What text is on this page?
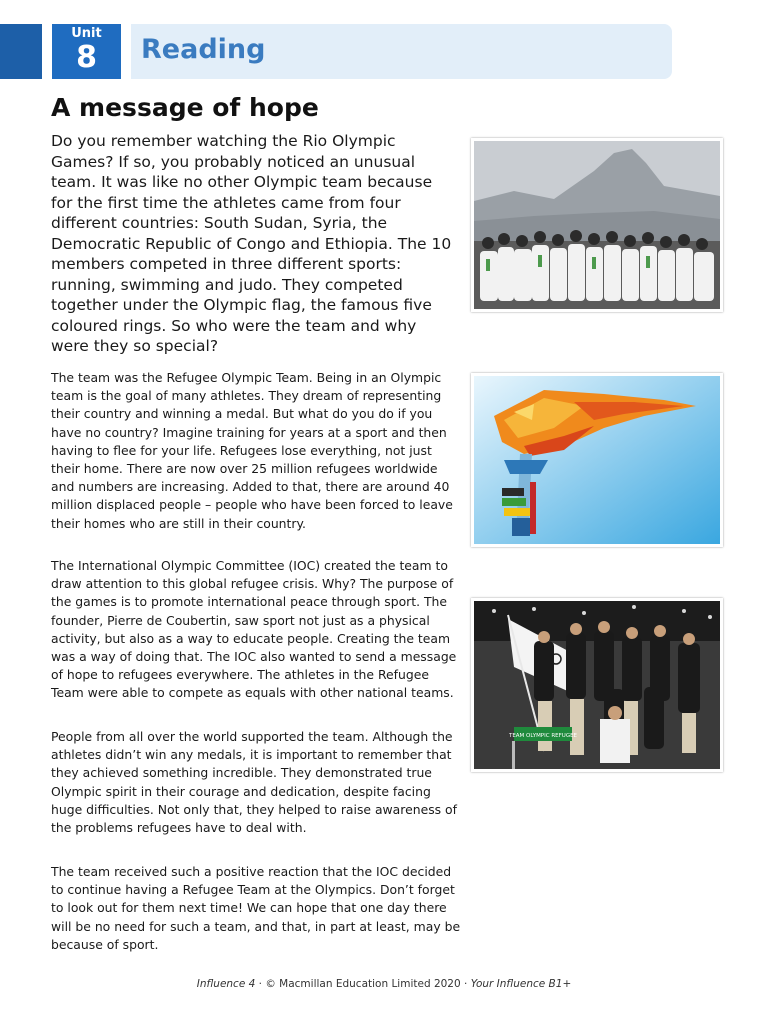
Unit
8	Reading
A message of hope

Do you remember watching the Rio Olympic Games? If so, you probably noticed an unusual team. It was like no other Olympic team because for the first time the athletes came from four different countries: South Sudan, Syria, the Democratic Republic of Congo and Ethiopia. The 10 members competed in three different sports: running, swimming and judo. They competed together under the Olympic flag, the famous five coloured rings. So who were the team and why were they so special?

The team was the Refugee Olympic Team. Being in an Olympic team is the goal of many athletes. They dream of representing their country and winning a medal. But what do you do if you have no country? Imagine training for years at a sport and then having to flee for your life. Refugees lose everything, not just their home. There are now over 25 million refugees worldwide and numbers are increasing. Added to that, there are around 40 million displaced people – people who have been forced to leave their homes who are still in their country.

The International Olympic Committee (IOC) created the team to draw attention to this global refugee crisis. Why? The purpose of the games is to promote international peace through sport. The founder, Pierre de Coubertin, saw sport not just as a physical activity, but also as a way to educate people. Creating the team was a way of doing that. The IOC also wanted to send a message of hope to refugees everywhere. The athletes in the Refugee Team were able to compete as equals with other national teams.

People from all over the world supported the team. Although the athletes didn’t win any medals, it is important to remember that they achieved something incredible. They demonstrated true Olympic spirit in their courage and dedication, despite facing huge difficulties. Not only that, they helped to raise awareness of the problems refugees have to deal with.

The team received such a positive reaction that the IOC decided to continue having a Refugee Team at the Olympics. Don’t forget to look out for them next time! We can hope that one day there will be no need for such a team, and that, in part at least, may be because of sport.

TEAM OLYMPIC REFUGEE
Influence 4 · © Macmillan Education Limited 2020 · Your Influence B1+
